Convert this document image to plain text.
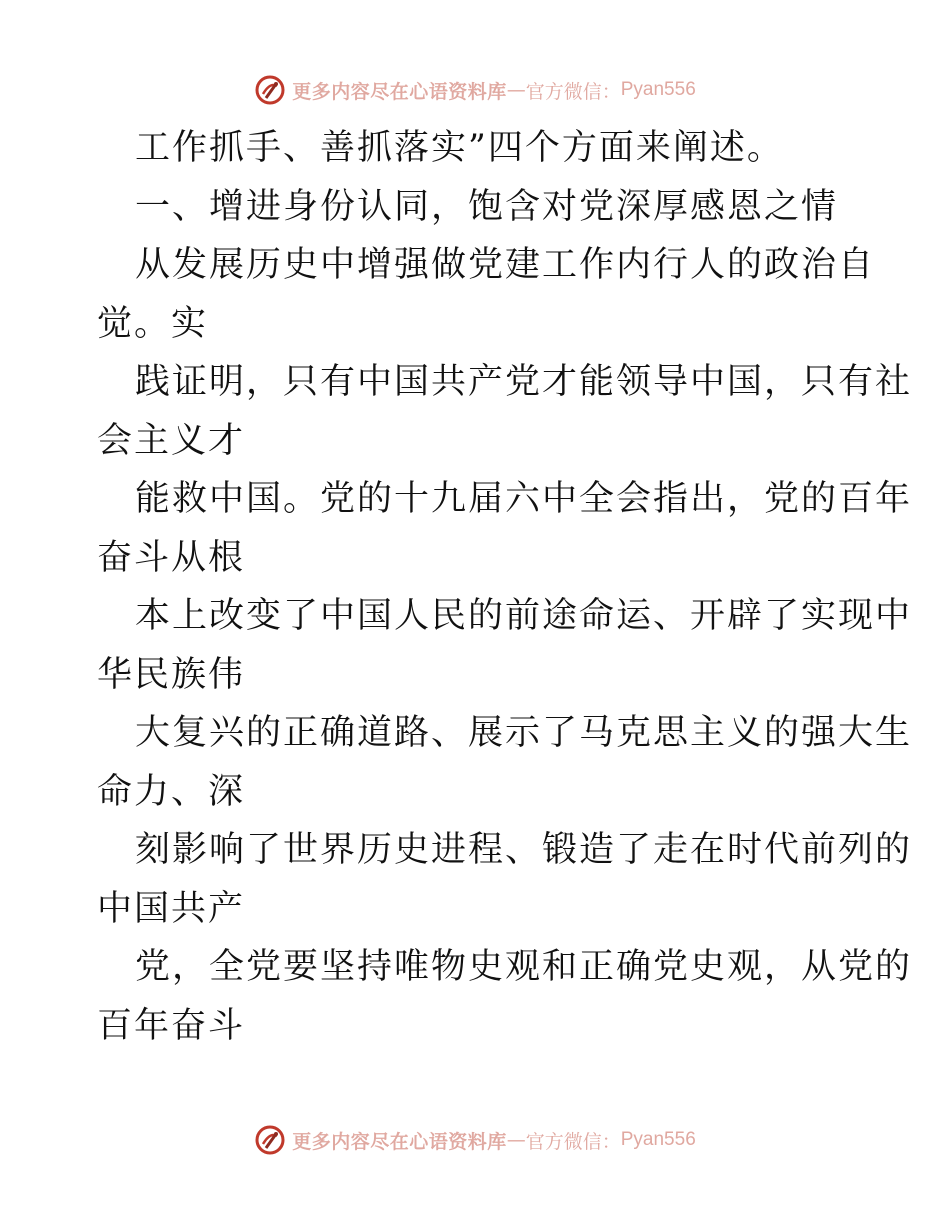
更多内容尽在心语资料库 — 官方微信： Pyan556
工作抓手、善抓落实”四个方面来阐述。
一、增进身份认同，饱含对党深厚感恩之情
从发展历史中增强做党建工作内行人的政治自
觉。实
践证明，只有中国共产党才能领导中国，只有社
会主义才
能救中国。党的十九届六中全会指出，党的百年
奋斗从根
本上改变了中国人民的前途命运、开辟了实现中
华民族伟
大复兴的正确道路、展示了马克思主义的强大生
命力、深
刻影响了世界历史进程、锻造了走在时代前列的
中国共产
党，全党要坚持唯物史观和正确党史观，从党的
百年奋斗
更多内容尽在心语资料库 — 官方微信： Pyan556
